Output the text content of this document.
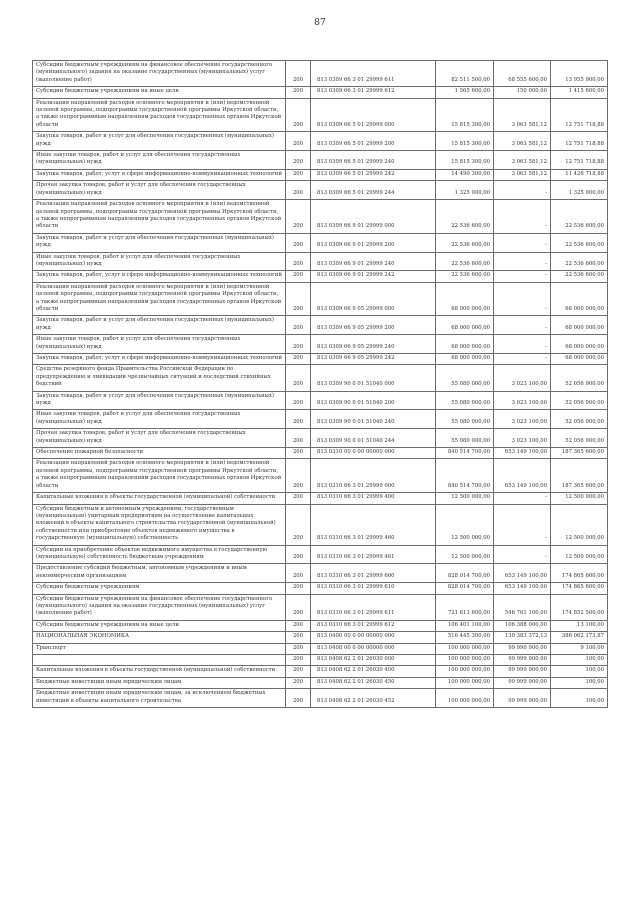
87
Субсидии бюджетным учреждениям на финансовое обеспечение государственного (муниципального) задания на оказание государственных (муниципальных) услуг (выполнение работ)	200	813 0309 66 3 01 29999 611	82 511 500,00	68 555 600,00	13 955 900,00
Субсидии бюджетным учреждениям на иные цели	200	813 0309 66 3 01 29999 612	1 565 600,00	150 000,00	1 415 600,00
Реализация направлений расходов основного мероприятия и (или) ведомственной целевой программы, подпрограммы государственной программы Иркутской области, а также непрограммным направлениям расходов государственных органов Иркутской области	200	813 0309 66 5 01 29999 000	15 815 300,00	3 063 581,12	12 751 718,88
Закупка товаров, работ и услуг для обеспечения государственных (муниципальных) нужд	200	813 0309 66 5 01 29999 200	15 815 300,00	3 063 581,12	12 751 718,88
Иные закупки товаров, работ и услуг для обеспечения государственных (муниципальных) нужд	200	813 0309 66 5 01 29999 240	15 815 300,00	3 063 581,12	12 751 718,88
Закупка товаров, работ, услуг в сфере информационно-коммуникационных технологий	200	813 0309 66 5 01 29999 242	14 490 300,00	3 063 581,12	11 426 718,88
Прочая закупка товаров, работ и услуг для обеспечения государственных (муниципальных) нужд	200	813 0309 66 5 01 29999 244	1 325 000,00	-	1 325 000,00
Реализация направлений расходов основного мероприятия и (или) ведомственной целевой программы, подпрограммы государственной программы Иркутской области, а также непрограммным направлениям расходов государственных органов Иркутской области	200	813 0309 66 9 01 29999 000	22 536 600,00	-	22 536 600,00
Закупка товаров, работ и услуг для обеспечения государственных (муниципальных) нужд	200	813 0309 66 9 01 29999 200	22 536 600,00	-	22 536 600,00
Иные закупки товаров, работ и услуг для обеспечения государственных (муниципальных) нужд	200	813 0309 66 9 01 29999 240	22 536 600,00	-	22 536 600,00
Закупка товаров, работ, услуг в сфере информационно-коммуникационных технологий	200	813 0309 66 9 01 29999 242	22 536 600,00	-	22 536 600,00
Реализация направлений расходов основного мероприятия и (или) ведомственной целевой программы, подпрограммы государственной программы Иркутской области, а также непрограммным направлениям расходов государственных органов Иркутской области	200	813 0309 66 9 05 29999 000	68 000 000,00	-	68 000 000,00
Закупка товаров, работ и услуг для обеспечения государственных (муниципальных) нужд	200	813 0309 66 9 05 29999 200	68 000 000,00	-	68 000 000,00
Иные закупки товаров, работ и услуг для обеспечения государственных (муниципальных) нужд	200	813 0309 66 9 05 29999 240	68 000 000,00	-	68 000 000,00
Закупка товаров, работ, услуг в сфере информационно-коммуникационных технологий	200	813 0309 66 9 05 29999 242	68 000 000,00	-	68 000 000,00
Средства резервного фонда Правительства Российской Федерации по предупреждению и ликвидации чрезвычайных ситуаций и последствий стихийных бедствий	200	813 0309 90 0 01 51040 000	55 080 000,00	3 023 100,00	52 056 900,00
Закупка товаров, работ и услуг для обеспечения государственных (муниципальных) нужд	200	813 0309 90 0 01 51040 200	55 080 000,00	3 023 100,00	52 056 900,00
Иные закупки товаров, работ и услуг для обеспечения государственных (муниципальных) нужд	200	813 0309 90 0 01 51040 240	55 080 000,00	3 023 100,00	52 056 900,00
Прочая закупка товаров, работ и услуг для обеспечения государственных (муниципальных) нужд	200	813 0309 90 0 01 51040 244	55 080 000,00	3 023 100,00	52 056 900,00
Обеспечение пожарной безопасности	200	813 0310 00 0 00 00000 000	840 514 700,00	653 149 100,00	187 365 600,00
Реализация направлений расходов основного мероприятия и (или) ведомственной целевой программы, подпрограммы государственной программы Иркутской области, а также непрограммным направлениям расходов государственных органов Иркутской области	200	813 0310 66 3 01 29999 000	840 514 700,00	653 149 100,00	187 365 600,00
Капитальные вложения в объекты государственной (муниципальной) собственности	200	813 0310 66 3 01 29999 400	12 500 000,00	-	12 500 000,00
Субсидии бюджетным и автономным учреждениям, государственным (муниципальным) унитарным предприятиям на осуществление капитальных вложений в объекты капитального строительства государственной (муниципальной) собственности или приобретение объектов недвижимого имущества в государственную (муниципальную) собственность	200	813 0310 66 3 01 29999 460	12 500 000,00	-	12 500 000,00
Субсидии на приобретение объектов недвижимого имущества в государственную (муниципальную) собственность бюджетным учреждениям	200	813 0310 66 3 01 29999 461	12 500 000,00	-	12 500 000,00
Предоставление субсидий бюджетным, автономным учреждениям и иным некоммерческим организациям	200	813 0310 66 3 01 29999 600	828 014 700,00	653 149 100,00	174 865 600,00
Субсидии бюджетным учреждениям	200	813 0310 66 3 01 29999 610	828 014 700,00	653 149 100,00	174 865 600,00
Субсидии бюджетным учреждениям на финансовое обеспечение государственного (муниципального) задания на оказание государственных (муниципальных) услуг (выполнение работ)	200	813 0310 66 3 01 29999 611	721 613 600,00	546 761 100,00	174 852 500,00
Субсидии бюджетным учреждениям на иные цели	200	813 0310 66 3 01 29999 612	106 401 100,00	106 388 000,00	13 100,00
НАЦИОНАЛЬНАЯ ЭКОНОМИКА	200	813 0400 00 0 00 00000 000	516 445 300,00	130 383 372,13	386 062 173,87
Транспорт	200	813 0408 00 0 00 00000 000	100 000 000,00	99 990 900,00	9 100,00
	200	813 0408 62 2 01 26030 000	100 000 000,00	99 999 900,00	100,00
Капитальные вложения в объекты государственной (муниципальной) собственности	200	813 0408 62 2 01 26030 400	100 000 000,00	99 999 900,00	100,00
Бюджетные инвестиции иным юридическим лицам	200	813 0408 62 2 01 26030 450	100 000 000,00	99 999 900,00	100,00
Бюджетные инвестиции иным юридическим лицам, за исключением бюджетных инвестиций в объекты капитального строительства	200	813 0408 62 2 01 26030 452	100 000 000,00	99 999 900,00	100,00
